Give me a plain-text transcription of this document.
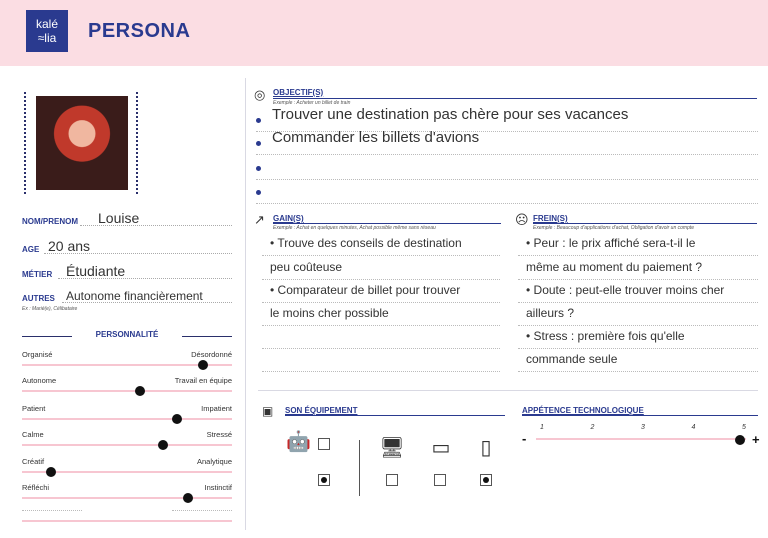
kalé
≈lia	PERSONA
NOM/PRENOM Louise
AGE 20 ans
MÉTIER Étudiante
AUTRES Autonome financièrement
Ex : Marié(e), Célibataire
PERSONNALITÉ
Organisé	Désordonné
Autonome	Travail en équipe
Patient	Impatient
Calme	Stressé
Créatif	Analytique
Réfléchi	Instinctif
◎ OBJECTIF(S)
Exemple : Acheter un billet de train
Trouver une destination pas chère pour ses vacances
Commander les billets d'avions
↗ GAIN(S)
Exemple : Achat en quelques minutes, Achat possible même sans réseau
• Trouve des conseils de destination
peu coûteuse
• Comparateur de billet pour trouver
le moins cher possible
☹ FREIN(S)
Exemple : Beaucoup d'applications d'achat, Obligation d'avoir un compte
• Peur : le prix affiché sera-t-il le
même au moment du paiement ?
• Doute : peut-elle trouver moins cher
ailleurs ?
• Stress : première fois qu'elle
commande seule
▣ SON ÉQUIPEMENT
🤖	🖥	▭	▯
APPÉTENCE TECHNOLOGIQUE
1	2	3	4	5
-	+
